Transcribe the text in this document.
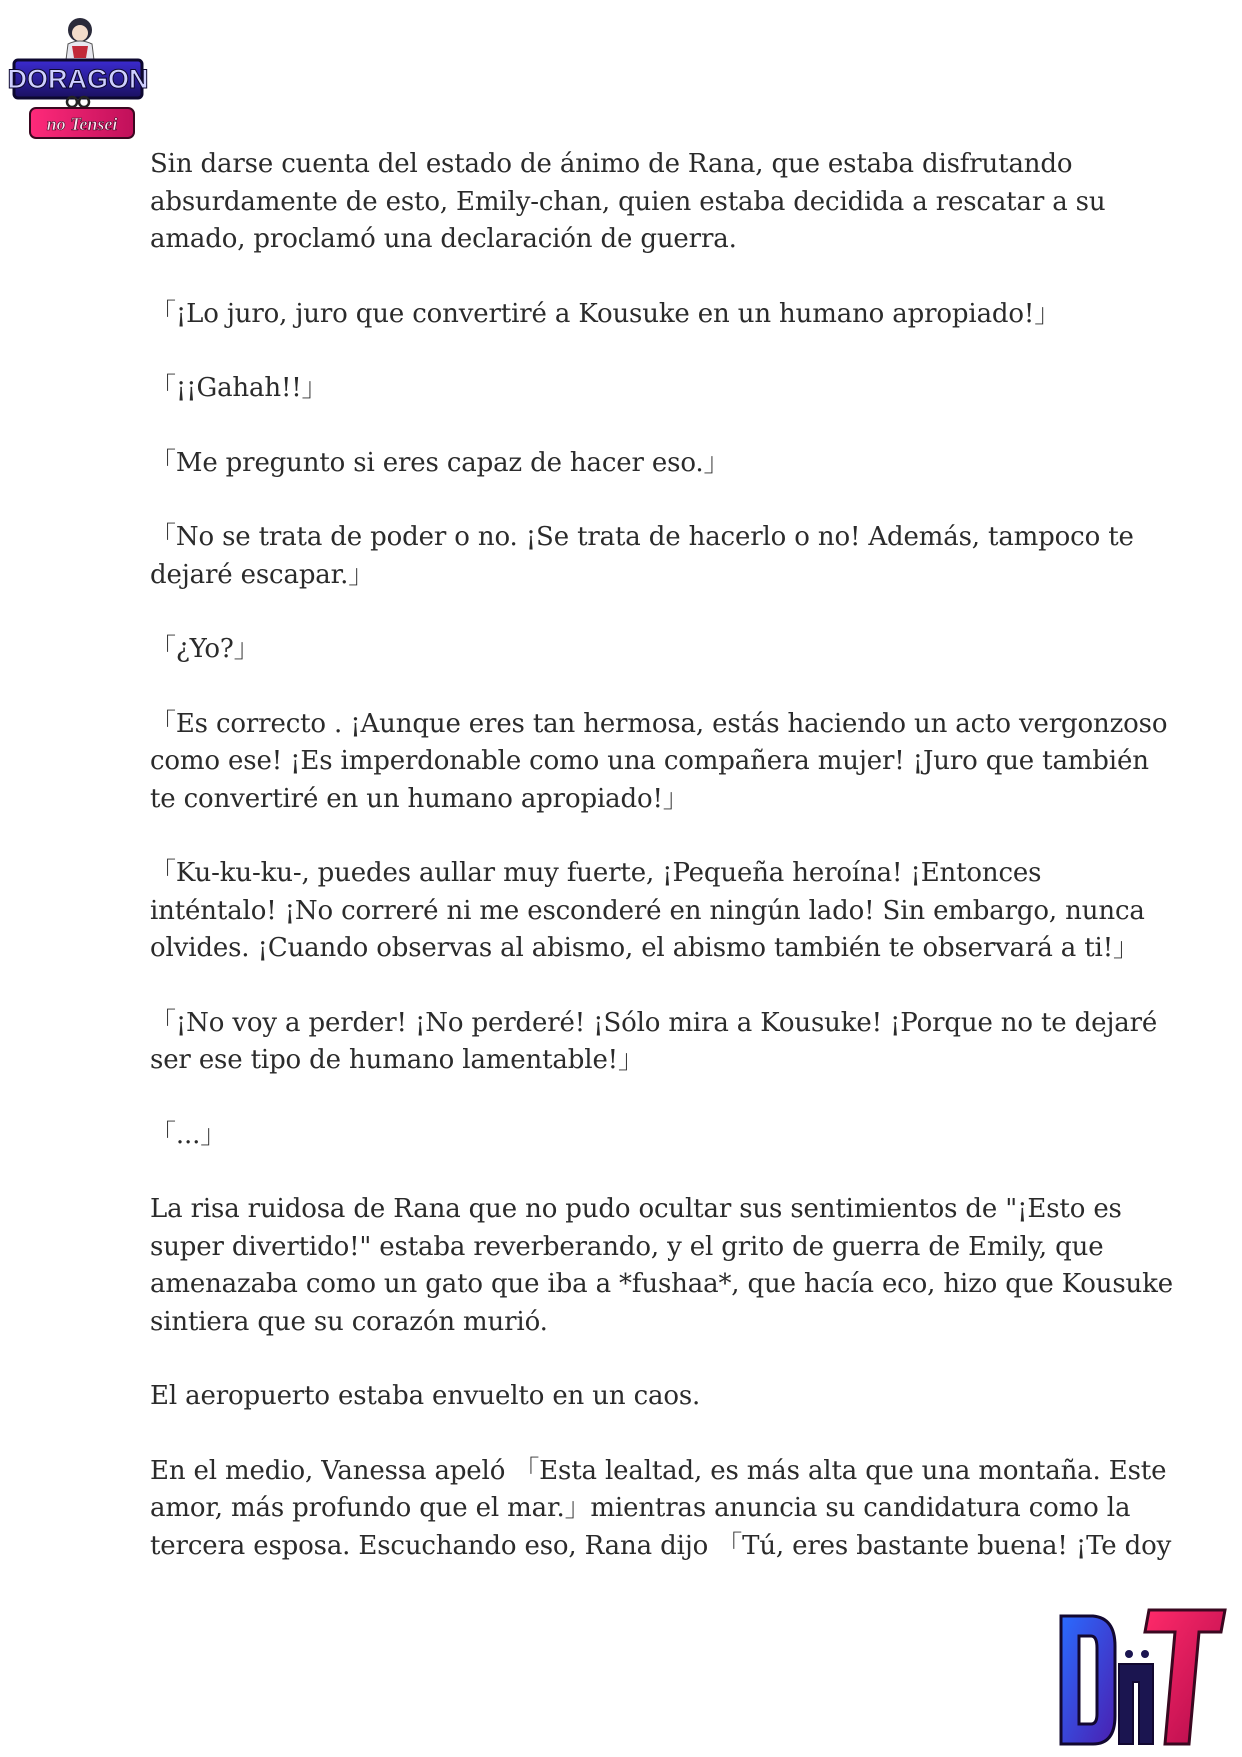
DORAGON
no Tensei

Sin darse cuenta del estado de ánimo de Rana, que estaba disfrutando
absurdamente de esto, Emily-chan, quien estaba decidida a rescatar a su
amado, proclamó una declaración de guerra.

「¡Lo juro, juro que convertiré a Kousuke en un humano apropiado!」

「¡¡Gahah!!」

「Me pregunto si eres capaz de hacer eso.」

「No se trata de poder o no. ¡Se trata de hacerlo o no! Además, tampoco te
dejaré escapar.」

「¿Yo?」

「Es correcto . ¡Aunque eres tan hermosa, estás haciendo un acto vergonzoso
como ese! ¡Es imperdonable como una compañera mujer! ¡Juro que también
te convertiré en un humano apropiado!」

「Ku-ku-ku-, puedes aullar muy fuerte, ¡Pequeña heroína! ¡Entonces
inténtalo! ¡No correré ni me esconderé en ningún lado! Sin embargo, nunca
olvides. ¡Cuando observas al abismo, el abismo también te observará a ti!」

「¡No voy a perder! ¡No perderé! ¡Sólo mira a Kousuke! ¡Porque no te dejaré
ser ese tipo de humano lamentable!」

「...」

La risa ruidosa de Rana que no pudo ocultar sus sentimientos de "¡Esto es
super divertido!" estaba reverberando, y el grito de guerra de Emily, que
amenazaba como un gato que iba a *fushaa*, que hacía eco, hizo que Kousuke
sintiera que su corazón murió.

El aeropuerto estaba envuelto en un caos.

En el medio, Vanessa apeló 「Esta lealtad, es más alta que una montaña. Este
amor, más profundo que el mar.」mientras anuncia su candidatura como la
tercera esposa. Escuchando eso, Rana dijo 「Tú, eres bastante buena! ¡Te doy

DnT
